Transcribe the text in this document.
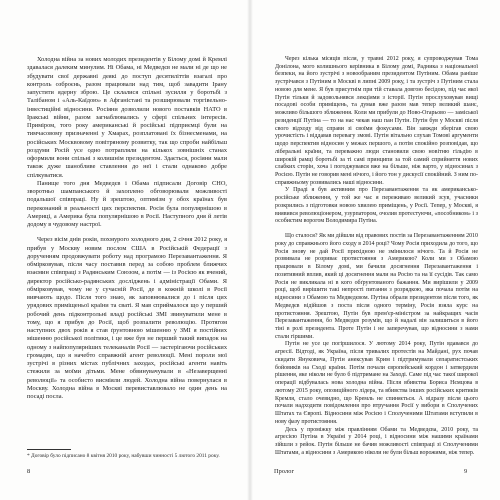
Холодна війна за нових молодих президентів у Білому домі й Кремлі здавалася далеким минулим. Ні Обама, ні Медведєв не мали ні де що не збудувати свої державні деякі до поступ десятиліттів взагалі про контроль озброєнь, разом працювали над тим, щоб завадити Ірану запустити ядерну зброю. Це склалися спільні зусилля у боротьбі з Талібаном і «Аль-Каїдою» в Афганістані та розширювали торгівельно-інвестиційні відносини. Росіяни дозволили нового поставків НАТО в Іракські війни, разом загнаблювались у сфері спільних інтересів. Приміром, того року американські й російські підприємці були на тимчасовому призначенні у Хмарах, розплатовані їх бізнесменами, на російських Москвовому повітряному розвитку, так що спроби найбільш роздуми Росій усе одно потрапляли на кількох зовнішніх станах оформили вони спільні з колишнім президентом. Здається, росіяни мали також дуже шанобливе ставлення до неї і стали однаково добре спілкуватися.

Панище того дня Медведєв і Обама підписали Договір СНО, зворотньо шампанського й захоплено обговорювали можливості подальшої співпраці. Ну й зрештою, оптимізм у обох країнах був переконаний в реальності цих перспектив. Росія була популярнішою в Америці, а Америка була популярнішою в Росії. Наступного дня й летів додому в чудовому настрої.

Через вісім днів років, похмурого холодного дня, 2 січня 2012 року, я прибув у Москву новим послом США в Російській Федерації з дорученням продовжувати роботу над програмою Перезавантаження. Я обмірковував, після часу поставив перед за собою проблем ближчих взаємин співпраці з Радянським Союзом, а потім — із Росією як вчений, директор російсько-радянських досліджень і адміністрації Обами. Я обмірковував, чому не у сучасній Росії, де в кожній школі в Росії вивчають щодо. Після того знаю, як заповнювалися до і після цих урядових приміщеньої країни та сваті. Я мав сприймалося що у перший робочий день підконтрольні владі російські ЗМІ звинуватили мене в тому, що я прибув до Росії, щоб розпалити революцію. Протягом наступних двох років я став ґрунтовною мішенню у ЗМІ я постійних мішенню російської політики, і це вже був не перший такий випадок на одному з найпопулярніших телеканалів Росії — застерігаючи російських громадян, що я начебто справжній агент революції. Мені пороли мої зустрічі в різних містах публічних заходах, російські агенти навіть стежили за моїми дітьми. Мене обвинувачували в «Незаверщенні революції» та особисто висміяли людей. Холодна війна повернулася в Москву. Холодна війна в Москві перевиставлювало не один день на посаді посла.

* Договір було підписано 8 квітня 2010 року, набувши чинності 5 лютого 2011 року.
8

Через кілька місяців після, у травні 2012 року, я супроводжував Тома Донілона, мого колишнього керівника в Білому домі, Радника з національної безпеки, на його зустрічі з новообраним президентом Путіним. Обама раніше зустрічався з Путіним в Москві в липні 2009 року, і та зустріч з Путіним стала новою для мене. Я був присутнім при тій ставала довгою бесідою, під час якої Путін тільки й задовольнявся лекціями з історії. Путін прослуховував вищі посадові особи приміщень, та думав вже разом мав тепер великий шанс, можливо більшого зближення. Коли ми прибули до Ново-Огарьово — заміської резиденції Путіна — то на нас чекав наш пан Путін. Путін був у Москві після свого відходу від справи зі своїми фокусами. Він завжди зберігав свою урочистість і віддавав перевагу змові. Путін вітально слухав Томові аргументи щодо перспектив відносин у межах першого, а потім спокійно розповідав, що ліберальні країни, та переважно люди становили свою новітню гільдію в широкій рамці боротьбі за ті самі принципи за той самий сприйняття нових слабких сторін, хоча і погоджувався вже на більше, ніж варто, у відносинах з Росією. Путін не говорив мені нічого, і його тон у дискусії спокійний. З ним по-справжньому розвивались наші відносини.

У Праді я був активним про Перезавантаження та як американсько-російське зближення, у той же час я переживаю великий зсув, учасники розкрились з підготовки новою хвилею приміщень, у Росії. Тепер, у Москві, я виявився революціонером, узурпатором, очолив протестуючи, «пособником» і з особистим ворогом Володимира Путіна.

Що сталося? Як ми дійшли від правових постів за Перезавантаженням 2010 року до справжнього його сходу в 2014 році? Чому Росія приходила до того, що Росія знову не дай Росії прихідною не змінилося нічого. Та й Росія не розвивала не розриває протистояння з Америкою? Коли ми з Обамою працювали в Білому домі, ми бачили досягнення Перезавантаження і позитивний вплив, який ці досягнення мали на Росію та на її сусідів. Так само Росія не викликала ні в кого обґрунтованого бажання. Ми вирішили у 2009 році, щоб вирішити такі непрості питання з розрядкою, яка почала потім на відносини з Обамою та Медведєвом. Путіна обрали президентом після того, як Медведєв відійшов з поста після одного терміну, Росія взяла курс на протистояння. Зрештою, Путін був прем'єр-міністром за найкращих часів Перезавантаження, бо Медведєв розумів, що й надалі він залишиться в його тіні в ролі президента. Проте Путін і не заперечував, що відносини з нами стали гіршими.

Путін не усе це погіршилося. У лютому 2014 року, Путін вдавався до агресії. Відтоді, як Україна, після тривалих протестів на Майдані, рух почав скидати Януковича, Путін анексував Крим і підтримували сепаратистських бойовиків на Сході країни. Потім почали європейський кордон і затвердили рішення, яке ніколи не було б підтримане на Заході. Саме під час такої широкої операції відбувалась нова холодна війна. Після вбивства Бориса Нємцова в лютому 2015 року, опозиційного лідера, та вбивства інших російських критиків Кремля, стало очевидно, що Кремль не спиняється. А відразу після цього почали надходити повідомлення про втручання Росії у вибори в Сполучених Штатах та Європі. Відносини між Росією і Сполученими Штатами вступили в нову фазу протистояння.

Десь у проміжку між правлінням Обами та Медведєва, 2010 року, та агресією Путіна в Україні у 2014 році, і відносини між нашими країнами зійшли з рейок. Путін більше не бачив можливості співпраці зі Сполученими Штатами, а відносини з Америкою ніколи не були більш ворожими, ніж тепер.

Пролог	9
